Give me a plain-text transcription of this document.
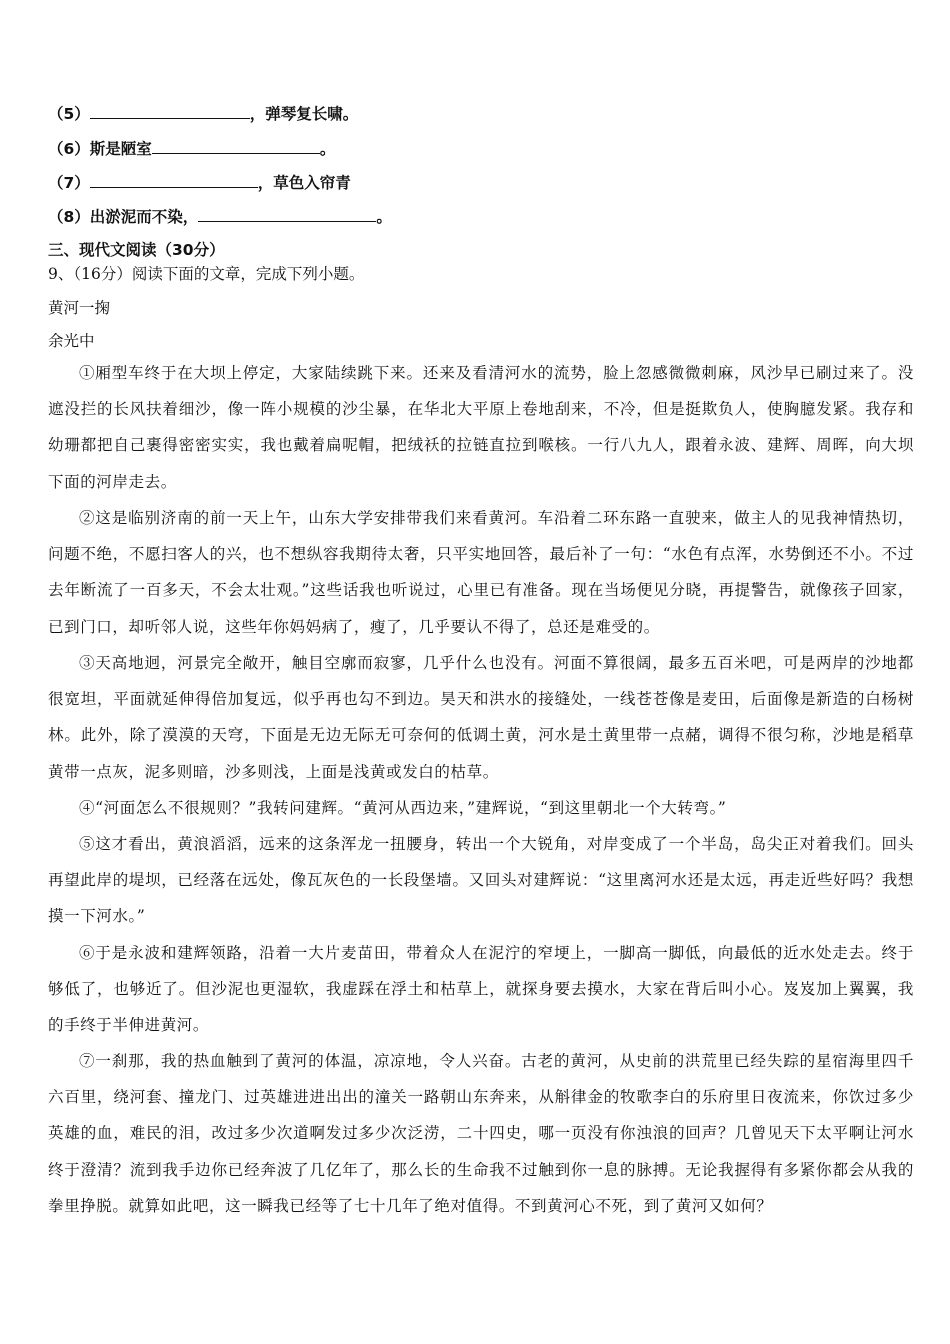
（5）	，弹琴复长啸。
（6）斯是陋室	。
（7）	，草色入帘青
（8）出淤泥而不染，	。
三、现代文阅读（30分）
9、（16分）阅读下面的文章，完成下列小题。
黄河一掬
余光中
①厢型车终于在大坝上停定，大家陆续跳下来。还来及看清河水的流势，脸上忽感微微刺麻，风沙早已刷过来了。没遮没拦的长风扶着细沙，像一阵小规模的沙尘暴，在华北大平原上卷地刮来，不冷，但是挺欺负人，使胸臆发紧。我存和幼珊都把自己裹得密密实实，我也戴着扁呢帽，把绒袄的拉链直拉到喉核。一行八九人，跟着永波、建辉、周晖，向大坝下面的河岸走去。
②这是临别济南的前一天上午，山东大学安排带我们来看黄河。车沿着二环东路一直驶来，做主人的见我神情热切，问题不绝，不愿扫客人的兴，也不想纵容我期待太奢，只平实地回答，最后补了一句：“水色有点浑，水势倒还不小。不过去年断流了一百多天，不会太壮观。”这些话我也听说过，心里已有准备。现在当场便见分晓，再提警告，就像孩子回家，已到门口，却听邻人说，这些年你妈妈病了，瘦了，几乎要认不得了，总还是难受的。
③天高地迥，河景完全敞开，触目空廓而寂寥，几乎什么也没有。河面不算很阔，最多五百米吧，可是两岸的沙地都很宽坦，平面就延伸得倍加复远，似乎再也勾不到边。昊天和洪水的接缝处，一线苍苍像是麦田，后面像是新造的白杨树林。此外，除了漠漠的天穹，下面是无边无际无可奈何的低调土黄，河水是土黄里带一点赭，调得不很匀称，沙地是稻草黄带一点灰，泥多则暗，沙多则浅，上面是浅黄或发白的枯草。
④“河面怎么不很规则？”我转问建辉。“黄河从西边来，”建辉说，“到这里朝北一个大转弯。”
⑤这才看出，黄浪滔滔，远来的这条浑龙一扭腰身，转出一个大锐角，对岸变成了一个半岛，岛尖正对着我们。回头再望此岸的堤坝，已经落在远处，像瓦灰色的一长段堡墙。又回头对建辉说：“这里离河水还是太远，再走近些好吗？我想摸一下河水。”
⑥于是永波和建辉领路，沿着一大片麦苗田，带着众人在泥泞的窄埂上，一脚高一脚低，向最低的近水处走去。终于够低了，也够近了。但沙泥也更湿软，我虚踩在浮土和枯草上，就探身要去摸水，大家在背后叫小心。岌岌加上翼翼，我的手终于半伸进黄河。
⑦一刹那，我的热血触到了黄河的体温，凉凉地，令人兴奋。古老的黄河，从史前的洪荒里已经失踪的星宿海里四千六百里，绕河套、撞龙门、过英雄进进出出的潼关一路朝山东奔来，从斛律金的牧歌李白的乐府里日夜流来，你饮过多少英雄的血，难民的泪，改过多少次道啊发过多少次泛涝，二十四史，哪一页没有你浊浪的回声？几曾见天下太平啊让河水终于澄清？流到我手边你已经奔波了几亿年了，那么长的生命我不过触到你一息的脉搏。无论我握得有多紧你都会从我的拳里挣脱。就算如此吧，这一瞬我已经等了七十几年了绝对值得。不到黄河心不死，到了黄河又如何？
